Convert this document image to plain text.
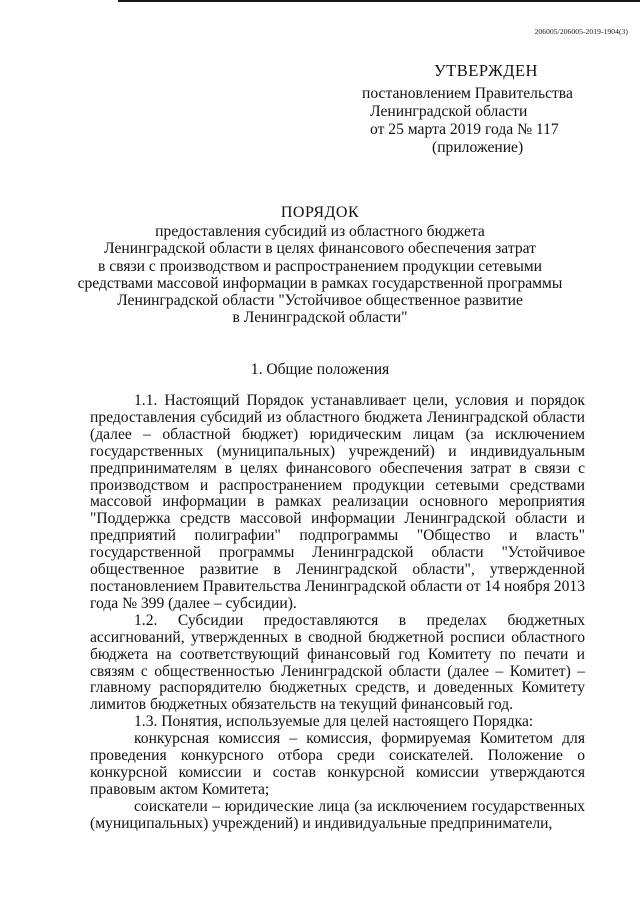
206005/206005-2019-1904(3)
УТВЕРЖДЕН
постановлением Правительства
Ленинградской области
от 25 марта 2019 года № 117
(приложение)
ПОРЯДОК
предоставления субсидий из областного бюджета
Ленинградской области в целях финансового обеспечения затрат
в связи с производством и распространением продукции сетевыми
средствами массовой информации в рамках государственной программы
Ленинградской области "Устойчивое общественное развитие
в Ленинградской области"
1. Общие положения

1.1. Настоящий Порядок устанавливает цели, условия и порядок предоставления субсидий из областного бюджета Ленинградской области (далее – областной бюджет) юридическим лицам (за исключением государственных (муниципальных) учреждений) и индивидуальным предпринимателям в целях финансового обеспечения затрат в связи с производством и распространением продукции сетевыми средствами массовой информации в рамках реализации основного мероприятия "Поддержка средств массовой информации Ленинградской области и предприятий полиграфии" подпрограммы "Общество и власть" государственной программы Ленинградской области "Устойчивое общественное развитие в Ленинградской области", утвержденной постановлением Правительства Ленинградской области от 14 ноября 2013 года № 399 (далее – субсидии).

1.2. Субсидии предоставляются в пределах бюджетных ассигнований, утвержденных в сводной бюджетной росписи областного бюджета на соответствующий финансовый год Комитету по печати и связям с общественностью Ленинградской области (далее – Комитет) – главному распорядителю бюджетных средств, и доведенных Комитету лимитов бюджетных обязательств на текущий финансовый год.

1.3. Понятия, используемые для целей настоящего Порядка:

конкурсная комиссия – комиссия, формируемая Комитетом для проведения конкурсного отбора среди соискателей. Положение о конкурсной комиссии и состав конкурсной комиссии утверждаются правовым актом Комитета;

соискатели – юридические лица (за исключением государственных (муниципальных) учреждений) и индивидуальные предприниматели,
